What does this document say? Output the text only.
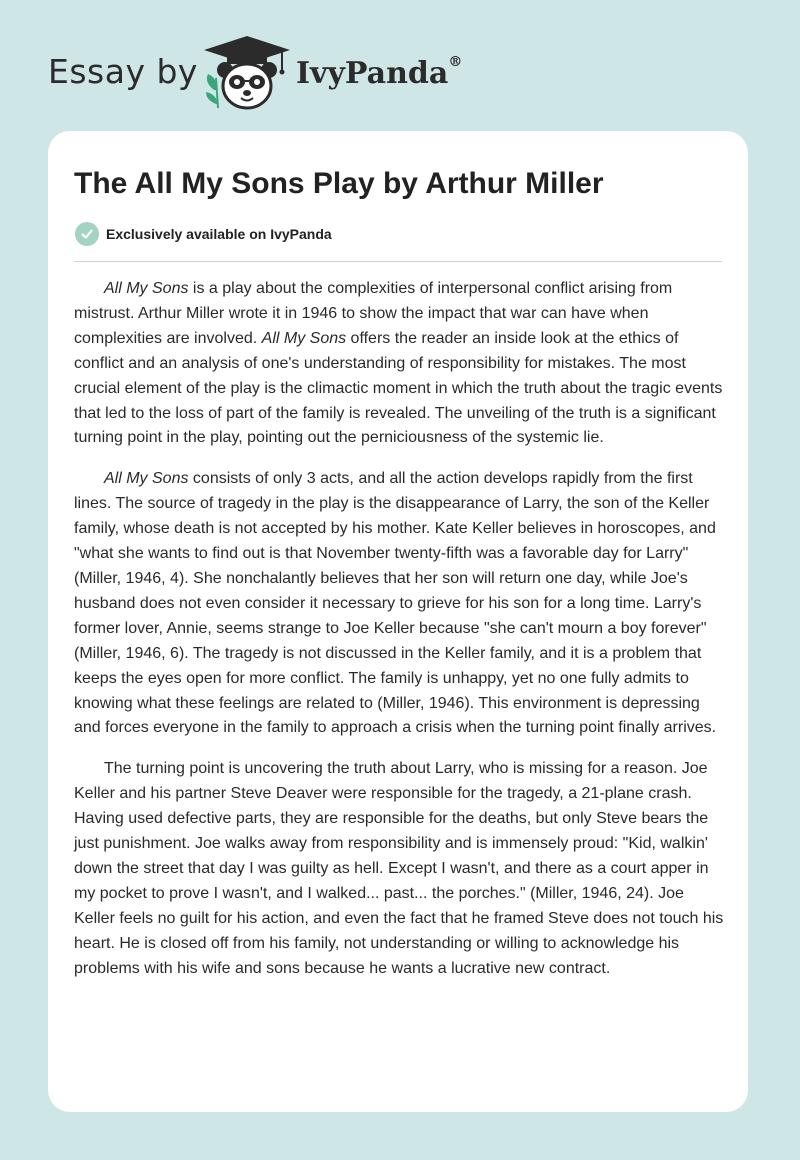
Essay by	IvyPanda®
The All My Sons Play by Arthur Miller
Exclusively available on IvyPanda

All My Sons is a play about the complexities of interpersonal conflict arising from mistrust. Arthur Miller wrote it in 1946 to show the impact that war can have when complexities are involved. All My Sons offers the reader an inside look at the ethics of conflict and an analysis of one's understanding of responsibility for mistakes. The most crucial element of the play is the climactic moment in which the truth about the tragic events that led to the loss of part of the family is revealed. The unveiling of the truth is a significant turning point in the play, pointing out the perniciousness of the systemic lie.

All My Sons consists of only 3 acts, and all the action develops rapidly from the first lines. The source of tragedy in the play is the disappearance of Larry, the son of the Keller family, whose death is not accepted by his mother. Kate Keller believes in horoscopes, and "what she wants to find out is that November twenty-fifth was a favorable day for Larry" (Miller, 1946, 4). She nonchalantly believes that her son will return one day, while Joe's husband does not even consider it necessary to grieve for his son for a long time. Larry's former lover, Annie, seems strange to Joe Keller because "she can't mourn a boy forever" (Miller, 1946, 6). The tragedy is not discussed in the Keller family, and it is a problem that keeps the eyes open for more conflict. The family is unhappy, yet no one fully admits to knowing what these feelings are related to (Miller, 1946). This environment is depressing and forces everyone in the family to approach a crisis when the turning point finally arrives.

The turning point is uncovering the truth about Larry, who is missing for a reason. Joe Keller and his partner Steve Deaver were responsible for the tragedy, a 21-plane crash. Having used defective parts, they are responsible for the deaths, but only Steve bears the just punishment. Joe walks away from responsibility and is immensely proud: "Kid, walkin' down the street that day I was guilty as hell. Except I wasn't, and there as a court apper in my pocket to prove I wasn't, and I walked... past... the porches." (Miller, 1946, 24). Joe Keller feels no guilt for his action, and even the fact that he framed Steve does not touch his heart. He is closed off from his family, not understanding or willing to acknowledge his problems with his wife and sons because he wants a lucrative new contract.
